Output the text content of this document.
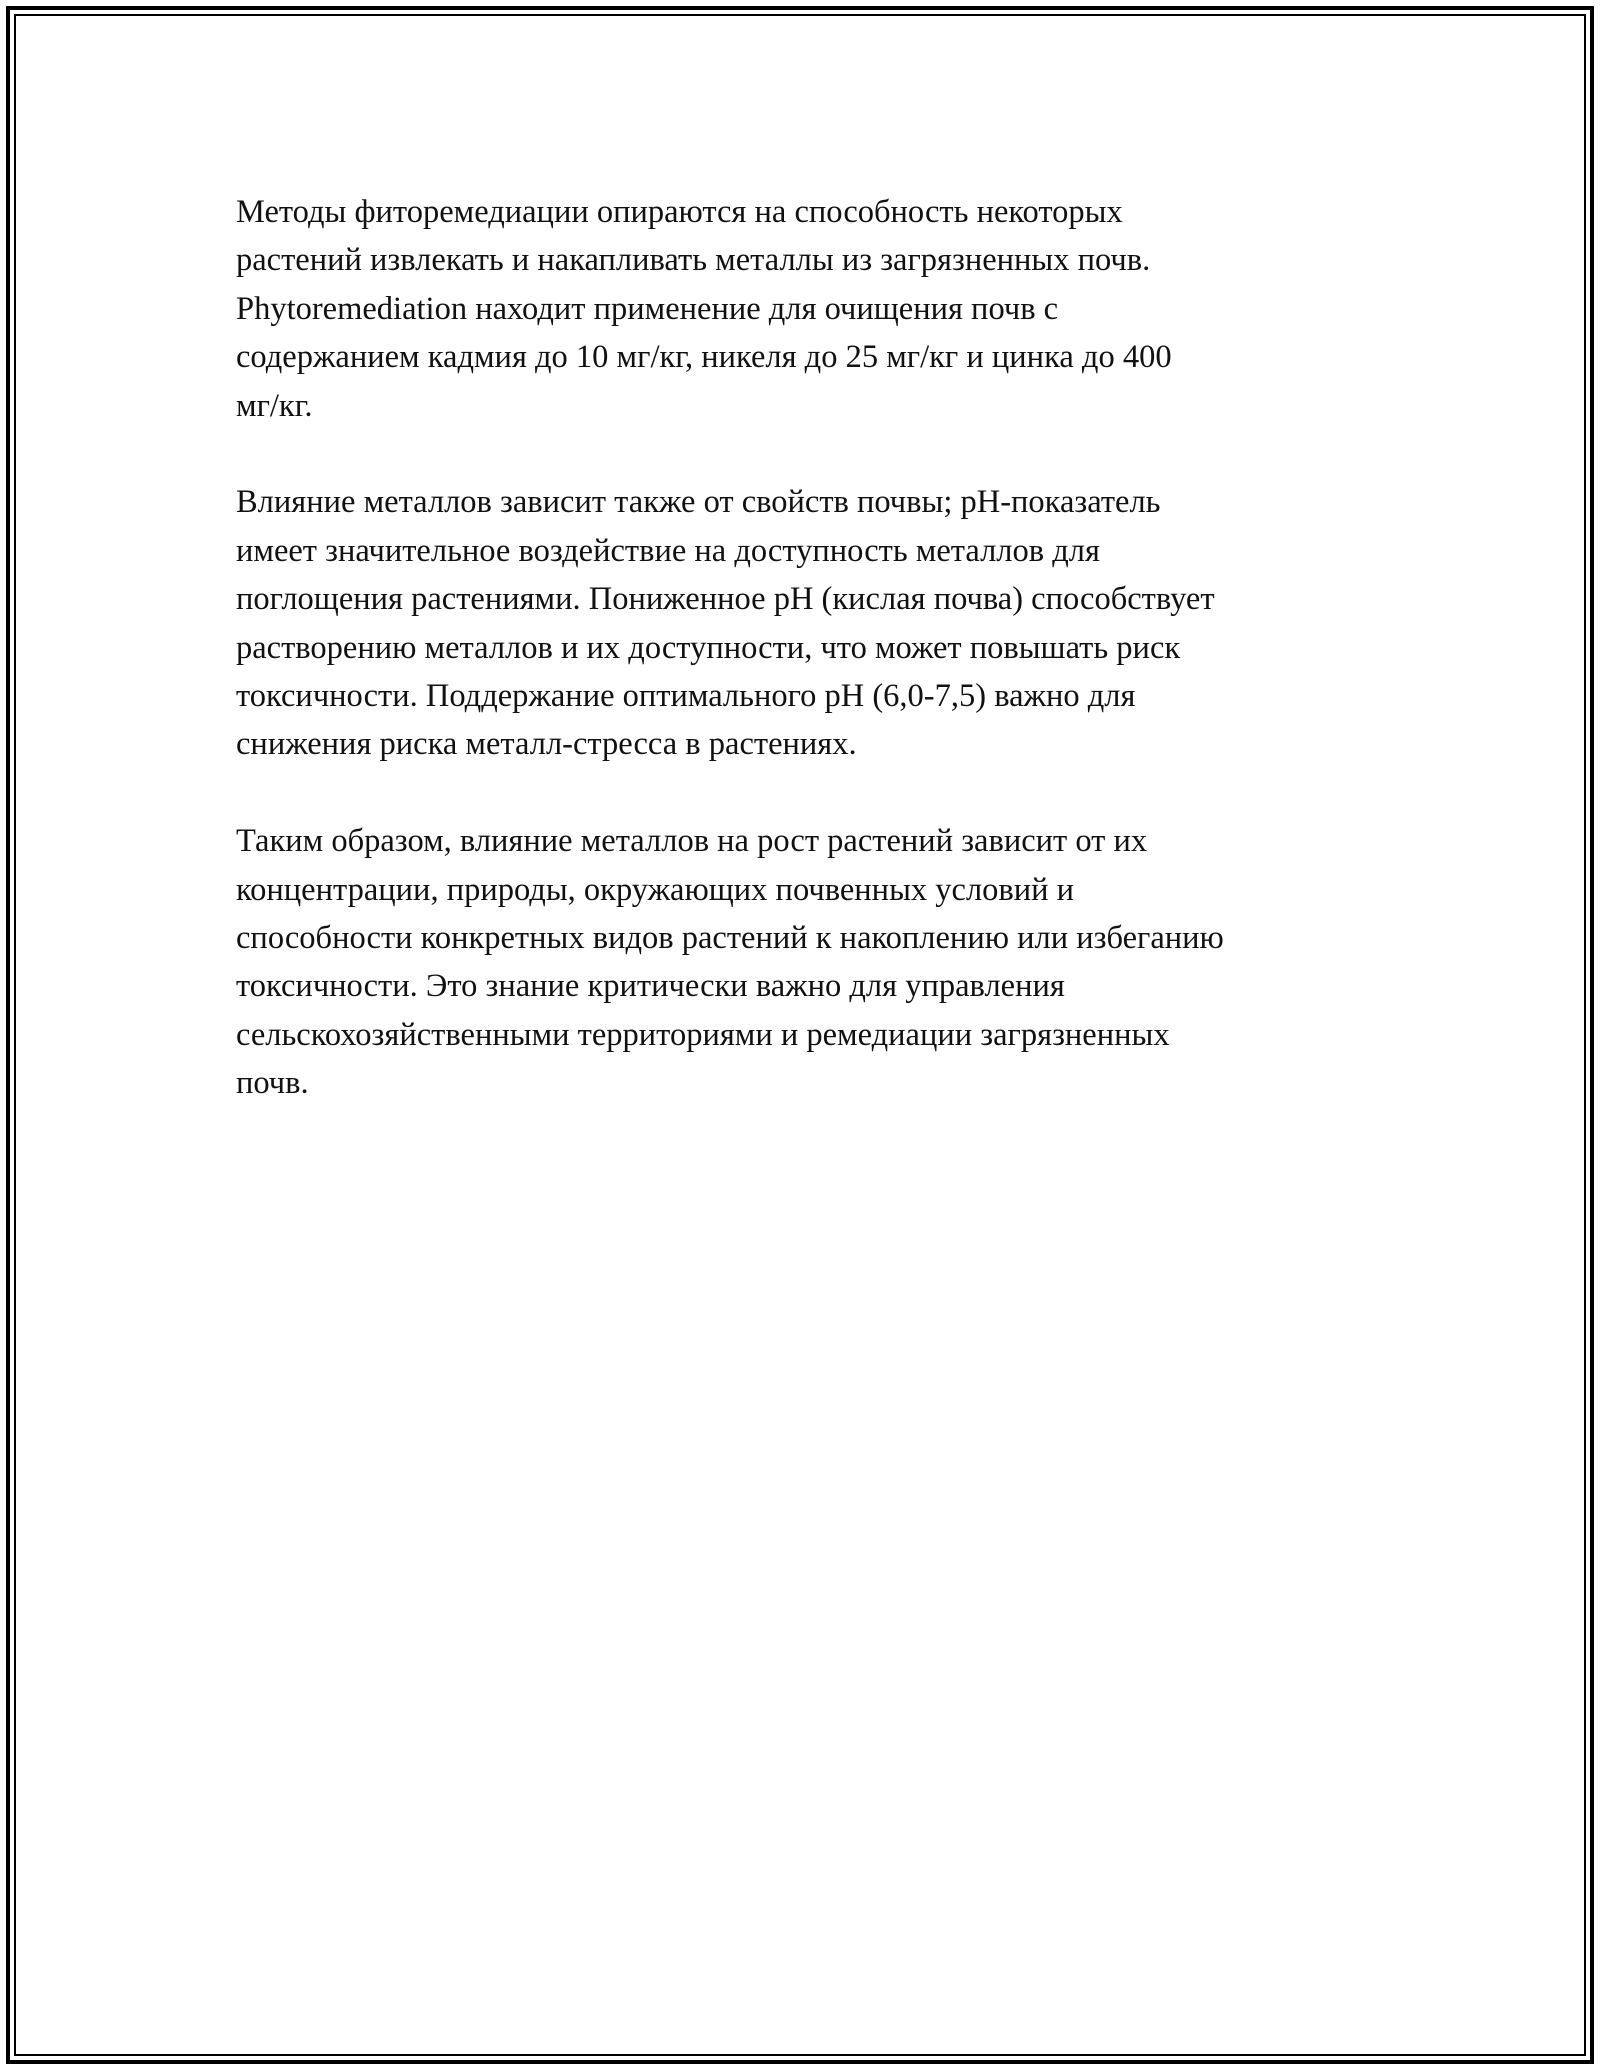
Методы фиторемедиации опираются на способность некоторых
растений извлекать и накапливать металлы из загрязненных почв.
Phytoremediation находит применение для очищения почв с
содержанием кадмия до 10 мг/кг, никеля до 25 мг/кг и цинка до 400
мг/кг.

Влияние металлов зависит также от свойств почвы; pH-показатель
имеет значительное воздействие на доступность металлов для
поглощения растениями. Пониженное pH (кислая почва) способствует
растворению металлов и их доступности, что может повышать риск
токсичности. Поддержание оптимального pH (6,0-7,5) важно для
снижения риска металл-стресса в растениях.

Таким образом, влияние металлов на рост растений зависит от их
концентрации, природы, окружающих почвенных условий и
способности конкретных видов растений к накоплению или избеганию
токсичности. Это знание критически важно для управления
сельскохозяйственными территориями и ремедиации загрязненных
почв.
